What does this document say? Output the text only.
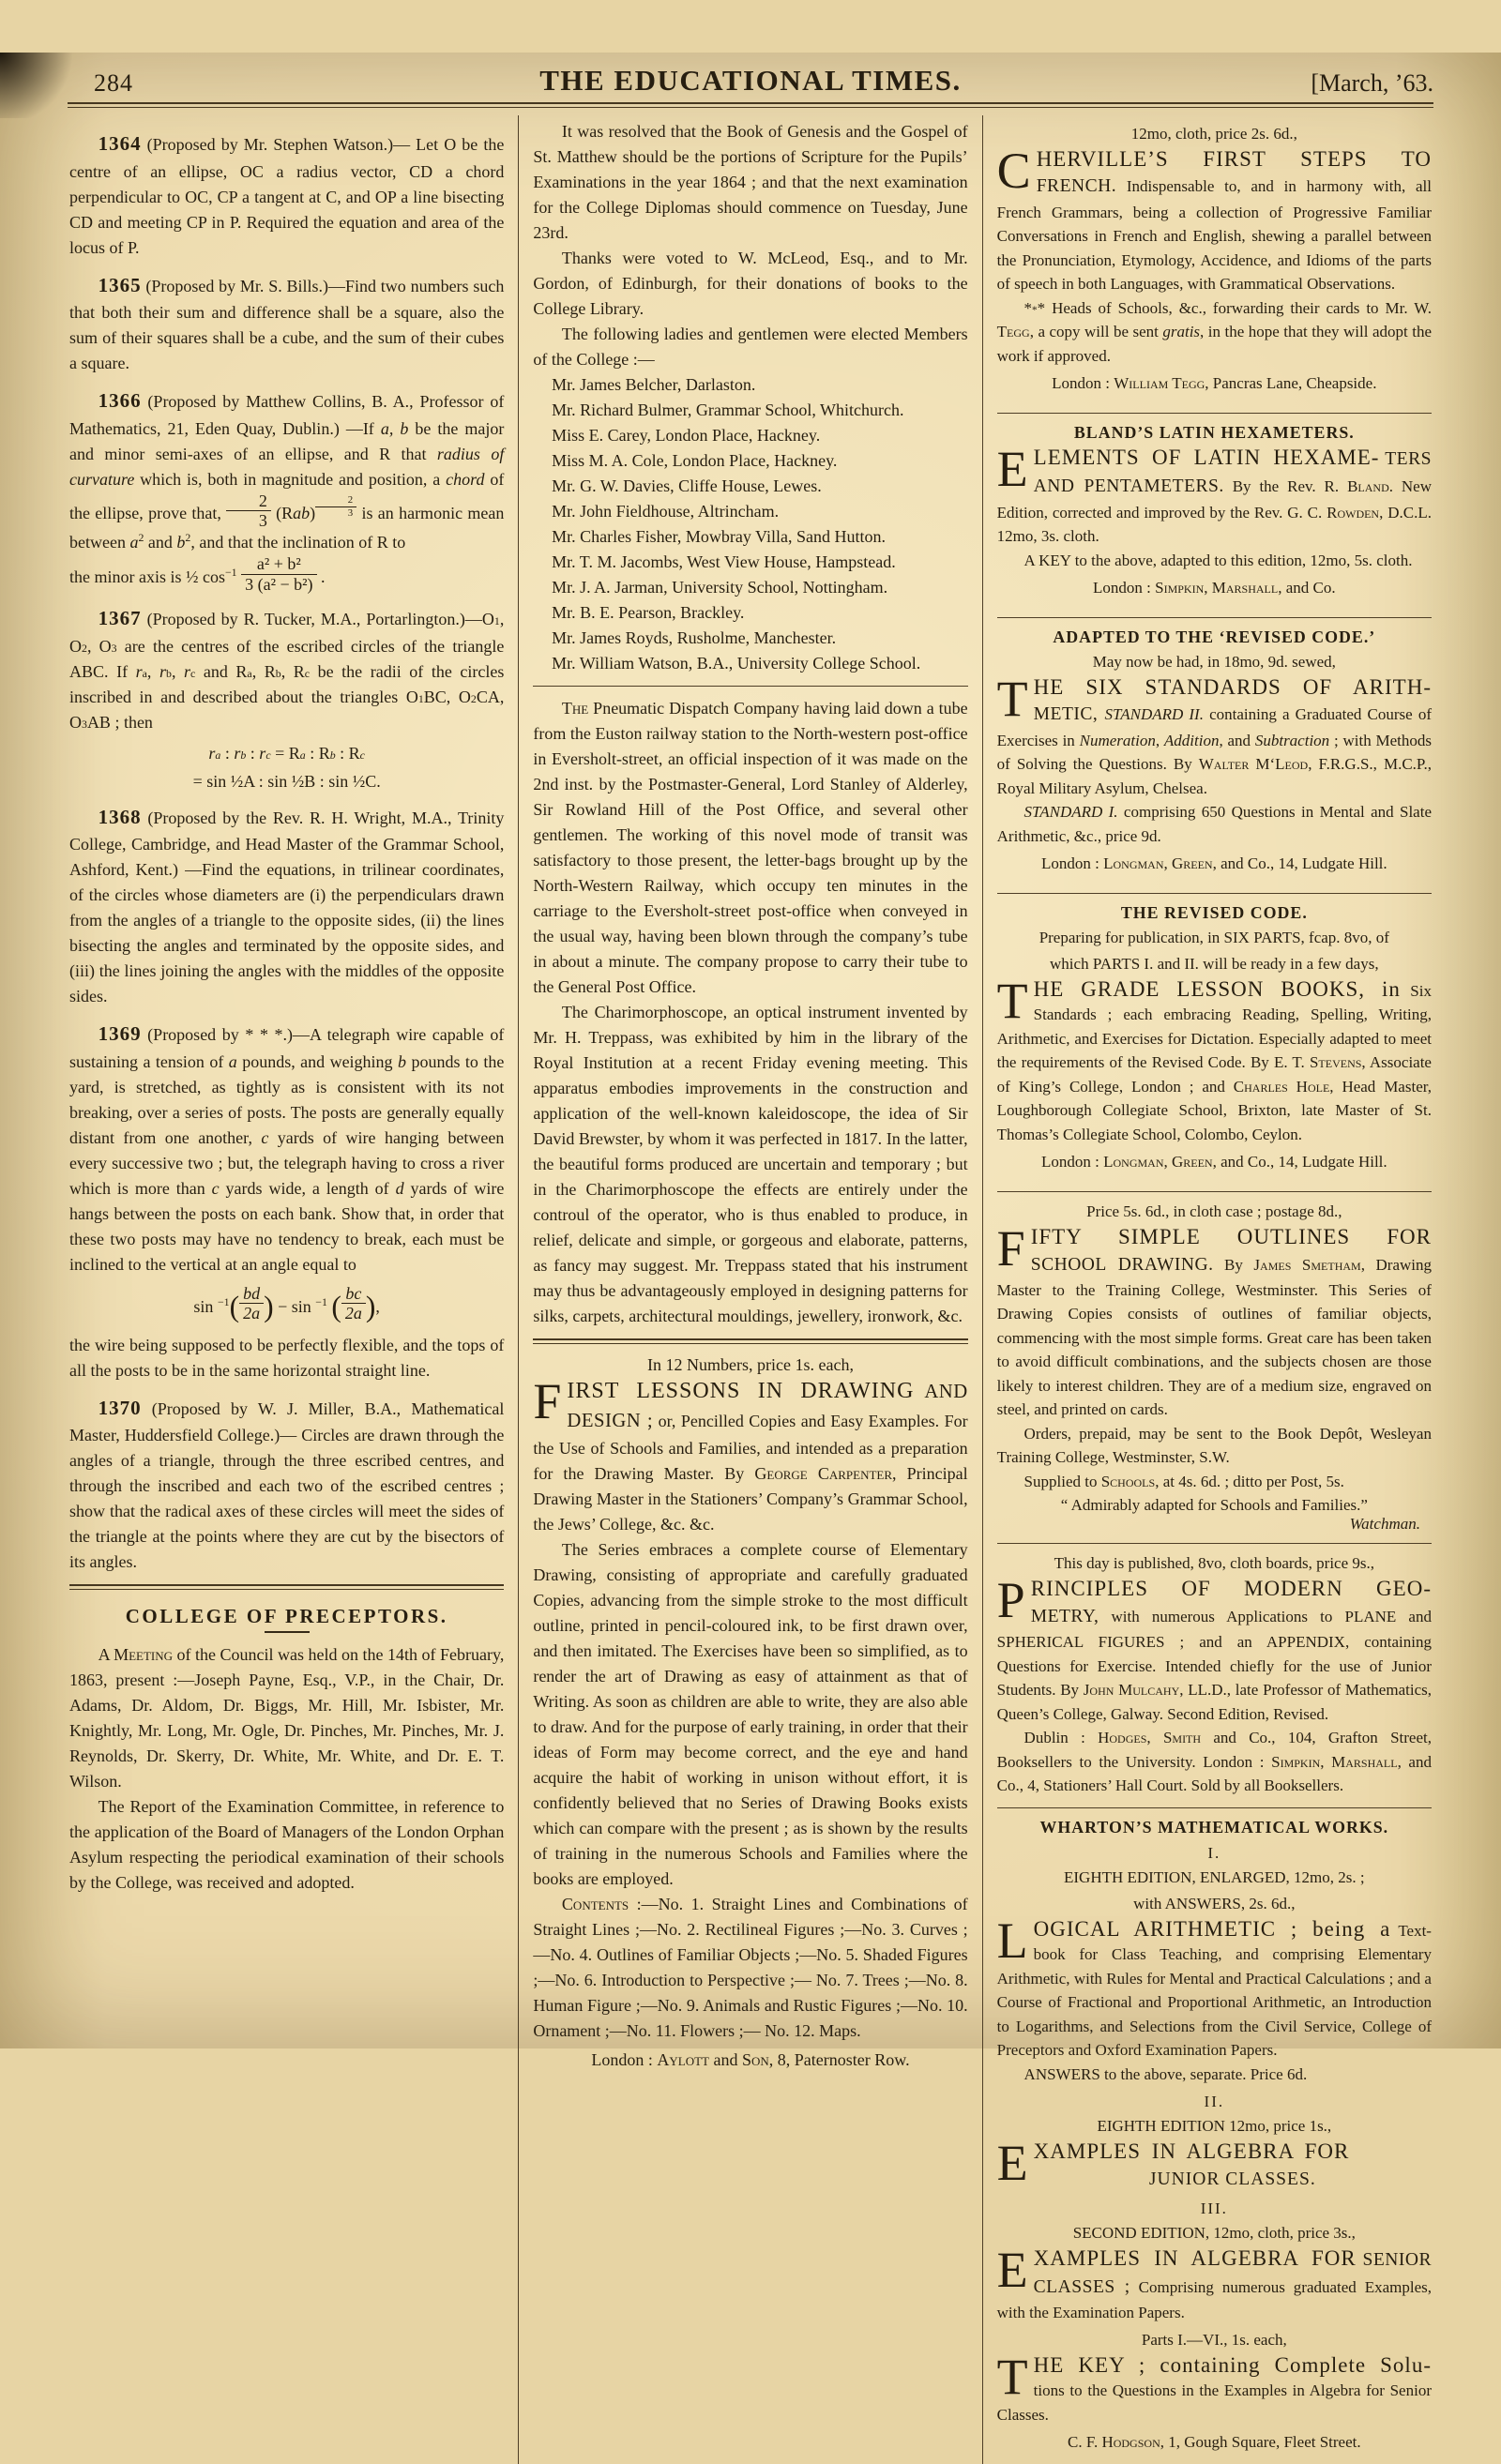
284	THE EDUCATIONAL TIMES.	[March, ’63.

1364 (Proposed by Mr. Stephen Watson.)— Let O be the centre of an ellipse, OC a radius vector, CD a chord perpendicular to OC, CP a tangent at C, and OP a line bisecting CD and meeting CP in P. Required the equation and area of the locus of P.

1365 (Proposed by Mr. S. Bills.)—Find two numbers such that both their sum and difference shall be a square, also the sum of their squares shall be a cube, and the sum of their cubes a square.

1366 (Proposed by Matthew Collins, B. A., Professor of Mathematics, 21, Eden Quay, Dublin.) —If a, b be the major and minor semi-axes of an ellipse, and R that radius of curvature which is, both in magnitude and position, a chord of the ellipse, prove that, $\frac{2}{3} (Rab) \frac{2}{3}$ is an harmonic mean between $a^2$ and $b^2$, and that the inclination of R to

the minor axis is ½ $\cos^{-1} \frac{\text{a² + b²}}{\text{3 (a² − b²)}}$ .

1367 (Proposed by R. Tucker, M.A., $Portarlington.)—O_1$, $O_2$, $O_3$ are the centres of the escribed circles of the triangle ABC. If $r_a$, $r_b$, $r_c$ and $R_a$, $R_b$, $R_c$ be the radii of the circles inscribed in and described about the triangles $O_1BC$, $O_2CA$, $O_3AB$ ; then

$r_a$ : $r_b$ : $r_c = R_a$ : $R_b$ : $R_c$

= sin ½A : sin ½B : sin ½C.

1368 (Proposed by the Rev. R. H. Wright, M.A., Trinity College, Cambridge, and Head Master of the Grammar School, Ashford, Kent.) —Find the equations, in trilinear coordinates, of the circles whose diameters are (i) the perpendiculars drawn from the angles of a triangle to the opposite sides, (ii) the lines bisecting the angles and terminated by the opposite sides, and (iii) the lines joining the angles with the middles of the opposite sides.

1369 (Proposed by * * *.)—A telegraph wire capable of sustaining a tension of a pounds, and weighing b pounds to the yard, is stretched, as tightly as is consistent with its not breaking, over a series of posts. The posts are generally equally distant from one another, c yards of wire hanging between every successive two ; but, the telegraph having to cross a river which is more than c yards wide, a length of d yards of wire hangs between the posts on each bank. Show that, in order that these two posts may have no tendency to break, each must be inclined to the vertical at an angle equal to

$\sin ^{-1}( \frac{bd}{2a}$ ) − sin $^{-1}$ ( $\frac{bc}{2a}$ ),

the wire being supposed to be perfectly flexible, and the tops of all the posts to be in the same horizontal straight line.

1370 (Proposed by W. J. Miller, B.A., Mathematical Master, Huddersfield College.)— Circles are drawn through the angles of a triangle, through the three escribed centres, and through the inscribed and each two of the escribed centres ; show that the radical axes of these circles will meet the sides of the triangle at the points where they are cut by the bisectors of its angles.

COLLEGE OF PRECEPTORS.

A Meeting of the Council was held on the 14th of February, 1863, present :—Joseph Payne, Esq., V.P., in the Chair, Dr. Adams, Dr. Aldom, Dr. Biggs, Mr. Hill, Mr. Isbister, Mr. Knightly, Mr. Long, Mr. Ogle, Dr. Pinches, Mr. Pinches, Mr. J. Reynolds, Dr. Skerry, Dr. White, Mr. White, and Dr. E. T. Wilson.

The Report of the Examination Committee, in reference to the application of the Board of Managers of the London Orphan Asylum respecting the periodical examination of their schools by the College, was received and adopted.

It was resolved that the Book of Genesis and the Gospel of St. Matthew should be the portions of Scripture for the Pupils’ Examinations in the year 1864 ; and that the next examination for the College Diplomas should commence on Tuesday, June 23rd.

Thanks were voted to W. McLeod, Esq., and to Mr. Gordon, of Edinburgh, for their donations of books to the College Library.

The following ladies and gentlemen were elected Members of the College :—

Mr. James Belcher, Darlaston.

Mr. Richard Bulmer, Grammar School, Whitchurch.

Miss E. Carey, London Place, Hackney.

Miss M. A. Cole, London Place, Hackney.

Mr. G. W. Davies, Cliffe House, Lewes.

Mr. John Fieldhouse, Altrincham.

Mr. Charles Fisher, Mowbray Villa, Sand Hutton.

Mr. T. M. Jacombs, West View House, Hampstead.

Mr. J. A. Jarman, University School, Nottingham.

Mr. B. E. Pearson, Brackley.

Mr. James Royds, Rusholme, Manchester.

Mr. William Watson, B.A., University College School.

The Pneumatic Dispatch Company having laid down a tube from the Euston railway station to the North-western post-office in Eversholt-street, an official inspection of it was made on the 2nd inst. by the Postmaster-General, Lord Stanley of Alderley, Sir Rowland Hill of the Post Office, and several other gentlemen. The working of this novel mode of transit was satisfactory to those present, the letter-bags brought up by the North-Western Railway, which occupy ten minutes in the carriage to the Eversholt-street post-office when conveyed in the usual way, having been blown through the company’s tube in about a minute. The company propose to carry their tube to the General Post Office.

The Charimorphoscope, an optical instrument invented by Mr. H. Treppass, was exhibited by him in the library of the Royal Institution at a recent Friday evening meeting. This apparatus embodies improvements in the construction and application of the well-known kaleidoscope, the idea of Sir David Brewster, by whom it was perfected in 1817. In the latter, the beautiful forms produced are uncertain and temporary ; but in the Charimorphoscope the effects are entirely under the controul of the operator, who is thus enabled to produce, in relief, delicate and simple, or gorgeous and elaborate, patterns, as fancy may suggest. Mr. Treppass stated that his instrument may thus be advantageously employed in designing patterns for silks, carpets, architectural mouldings, jewellery, ironwork, &c.

In 12 Numbers, price 1s. each,

FIRST LESSONS IN DRAWING AND DESIGN ; or, Pencilled Copies and Easy Examples. For the Use of Schools and Families, and intended as a preparation for the Drawing Master. By George Carpenter, Principal Drawing Master in the Stationers’ Company’s Grammar School, the Jews’ College, &c. &c.

The Series embraces a complete course of Elementary Drawing, consisting of appropriate and carefully graduated Copies, advancing from the simple stroke to the most difficult outline, printed in pencil-coloured ink, to be first drawn over, and then imitated. The Exercises have been so simplified, as to render the art of Drawing as easy of attainment as that of Writing. As soon as children are able to write, they are also able to draw. And for the purpose of early training, in order that their ideas of Form may become correct, and the eye and hand acquire the habit of working in unison without effort, it is confidently believed that no Series of Drawing Books exists which can compare with the present ; as is shown by the results of training in the numerous Schools and Families where the books are employed.

Contents :—No. 1. Straight Lines and Combinations of Straight Lines ;—No. 2. Rectilineal Figures ;—No. 3. Curves ;—No. 4. Outlines of Familiar Objects ;—No. 5. Shaded Figures ;—No. 6. Introduction to Perspective ;— No. 7. Trees ;—No. 8. Human Figure ;—No. 9. Animals and Rustic Figures ;—No. 10. Ornament ;—No. 11. Flowers ;— No. 12. Maps.

London : Aylott and Son, 8, Paternoster Row.

12mo, cloth, price 2s. 6d.,

CHERVILLE’S FIRST STEPS TO FRENCH. Indispensable to, and in harmony with, all French Grammars, being a collection of Progressive Familiar Conversations in French and English, shewing a parallel between the Pronunciation, Etymology, Accidence, and Idioms of the parts of speech in both Languages, with Grammatical Observations.

$*_**$ Heads of Schools, &c., forwarding their cards to Mr. W. Tegg, a copy will be sent gratis, in the hope that they will adopt the work if approved.

London : William Tegg, Pancras Lane, Cheapside.

BLAND’S LATIN HEXAMETERS.

ELEMENTS OF LATIN HEXAME- TERS AND PENTAMETERS. By the Rev. R. Bland. New Edition, corrected and improved by the Rev. G. C. Rowden, D.C.L. 12mo, 3s. cloth.

A KEY to the above, adapted to this edition, 12mo, 5s. cloth.

London : Simpkin, Marshall, and Co.

ADAPTED TO THE ‘REVISED CODE.’

May now be had, in 18mo, 9d. sewed,

THE SIX STANDARDS OF ARITH- METIC, STANDARD II. containing a Graduated Course of Exercises in Numeration, Addition, and Subtraction ; with Methods of Solving the Questions. By Walter M‘Leod, F.R.G.S., M.C.P., Royal Military Asylum, Chelsea.

STANDARD I. comprising 650 Questions in Mental and Slate Arithmetic, &c., price 9d.

London : Longman, Green, and Co., 14, Ludgate Hill.

THE REVISED CODE.

Preparing for publication, in SIX PARTS, fcap. 8vo, of

which PARTS I. and II. will be ready in a few days,

THE GRADE LESSON BOOKS, in Six Standards ; each embracing Reading, Spelling, Writing, Arithmetic, and Exercises for Dictation. Especially adapted to meet the requirements of the Revised Code. By E. T. Stevens, Associate of King’s College, London ; and Charles Hole, Head Master, Loughborough Collegiate School, Brixton, late Master of St. Thomas’s Collegiate School, Colombo, Ceylon.

London : Longman, Green, and Co., 14, Ludgate Hill.

Price 5s. 6d., in cloth case ; postage 8d.,

FIFTY SIMPLE OUTLINES FOR SCHOOL DRAWING. By James Smetham, Drawing Master to the Training College, Westminster. This Series of Drawing Copies consists of outlines of familiar objects, commencing with the most simple forms. Great care has been taken to avoid difficult combinations, and the subjects chosen are those likely to interest children. They are of a medium size, engraved on steel, and printed on cards.

Orders, prepaid, may be sent to the Book Depôt, Wesleyan Training College, Westminster, S.W.

Supplied to Schools, at 4s. 6d. ; ditto per Post, 5s.

“ Admirably adapted for Schools and Families.”

Watchman.

This day is published, 8vo, cloth boards, price 9s.,

PRINCIPLES OF MODERN GEO- METRY, with numerous Applications to PLANE and SPHERICAL FIGURES ; and an APPENDIX, containing Questions for Exercise. Intended chiefly for the use of Junior Students. By John Mulcahy, LL.D., late Professor of Mathematics, Queen’s College, Galway. Second Edition, Revised.

Dublin : Hodges, Smith and Co., 104, Grafton Street, Booksellers to the University. London : Simpkin, Marshall, and Co., 4, Stationers’ Hall Court. Sold by all Booksellers.

WHARTON’S MATHEMATICAL WORKS.

I.

EIGHTH EDITION, ENLARGED, 12mo, 2s. ;

with ANSWERS, 2s. 6d.,

LOGICAL ARITHMETIC ; being a Text-book for Class Teaching, and comprising Elementary Arithmetic, with Rules for Mental and Practical Calculations ; and a Course of Fractional and Proportional Arithmetic, an Introduction to Logarithms, and Selections from the Civil Service, College of Preceptors and Oxford Examination Papers.

ANSWERS to the above, separate. Price 6d.

II.

EIGHTH EDITION 12mo, price 1s.,

EXAMPLES IN ALGEBRA FOR
JUNIOR CLASSES.

III.

SECOND EDITION, 12mo, cloth, price 3s.,

EXAMPLES IN ALGEBRA FOR SENIOR CLASSES ; Comprising numerous graduated Examples, with the Examination Papers.

Parts I.—VI., 1s. each,

THE KEY ; containing Complete Solu- tions to the Questions in the Examples in Algebra for Senior Classes.

C. F. Hodgson, 1, Gough Square, Fleet Street.
